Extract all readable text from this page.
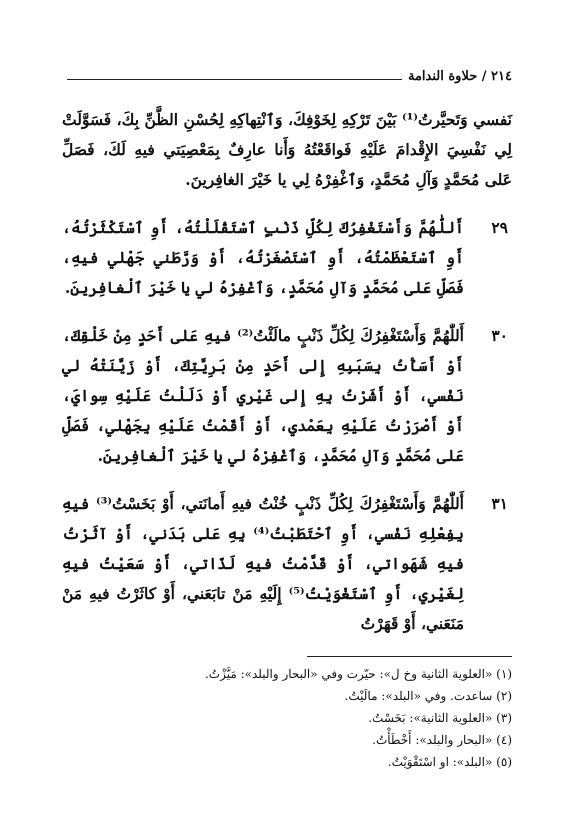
٢١٤ / حلاوة الندامة

نَفسي وَتَحيَّرتُ⁽¹⁾ بَيْنَ تَرْكِهِ لِخَوْفِكَ، وَٱنْتِهاكِهِ لِحُسْنِ الظَّنِّ بِكَ، فَسَوَّلَتْ لِي نَفْسِيَ الإِقْدامَ عَلَيْهِ فَواقَعْتُهُ وَأَنا عارِفٌ بِمَعْصِيَتي فيهِ لَكَ، فَصَلِّ عَلى مُحَمَّدٍ وَآلِ مُحَمَّدٍ، وَٱغْفِرْهُ لِي يا خَيْرَ الغافِرينَ.

٢٩
أَللّٰهُمَّ وَأَسْتَغْفِرُكَ لِكُلِّ ذَنْبٍ ٱسْتَقْلَلْتُهُ، أَوِ ٱسْتَكْثَرْتُهُ، أَوِ ٱسْتَعْظَمْتُهُ، أَوِ ٱسْتَصْغَرْتُهُ، أَوْ وَرَّطَني جَهْلي فيهِ، فَصَلِّ عَلى مُحَمَّدٍ وَآلِ مُحَمَّدٍ، وَٱغْفِرْهُ لي يا خَيْرَ ٱلْغافِرينَ.

٣٠
أَللّٰهُمَّ وَأَسْتَغْفِرُكَ لِكُلِّ ذَنْبٍ مالَئْتُ⁽²⁾ فيهِ عَلى أَحَدٍ مِنْ خَلْقِكَ، أَوْ أَسَأْتُ بِسَبَبِهِ إِلى أَحَدٍ مِنْ بَرِيَّتِكَ، أَوْ زَيَّنَتْهُ لي نَفْسي، أَوْ أَشَرْتُ بِهِ إِلى غَيْري أَوْ دَلَلْتُ عَلَيْهِ سِوايَ، أَوْ أَصْرَرْتُ عَلَيْهِ بِعَمْدي، أَوْ أَقَمْتُ عَلَيْهِ بِجَهْلي، فَصَلِّ عَلى مُحَمَّدٍ وَآلِ مُحَمَّدٍ، وَٱغْفِرْهُ لي يا خَيْرَ ٱلْغافِرينَ.

٣١
أَللّٰهُمَّ وَأَسْتَغْفِرُكَ لِكُلِّ ذَنْبٍ خُنْتُ فيهِ أَمانَتي، أَوْ بَخَسْتُ⁽³⁾ فيهِ بِفِعْلِهِ نَفْسي، أَوِ ٱحْتَطَبْتُ⁽⁴⁾ بِهِ عَلى بَدَني، أَوْ آثَرْتُ فيهِ شَهَواتي، أَوْ قَدَّمْتُ فيهِ لَذّاتي، أَوْ سَعَيْتُ فيهِ لِغَيْري، أَوِ ٱسْتَغْوَيْتُ⁽⁵⁾ إِلَيْهِ مَنْ تابَعَني، أَوْ كاثَرْتُ فيهِ مَنْ مَنَعَني، أَوْ قَهَرْتُ

(١) «العلوية الثانية وخ ل»: حيّرت وفي «البحار والبلد»: مَيَّزْتُ.
(٢) ساعدت. وفي «البلد»: مالَيْتُ.
(٣) «العلوية الثانية»: بَخَسْتُ.
(٤) «البحار والبلد»: أَخْطَأْتُ.
(٥) «البلد»: او اسْتَقْوَيْتُ.
